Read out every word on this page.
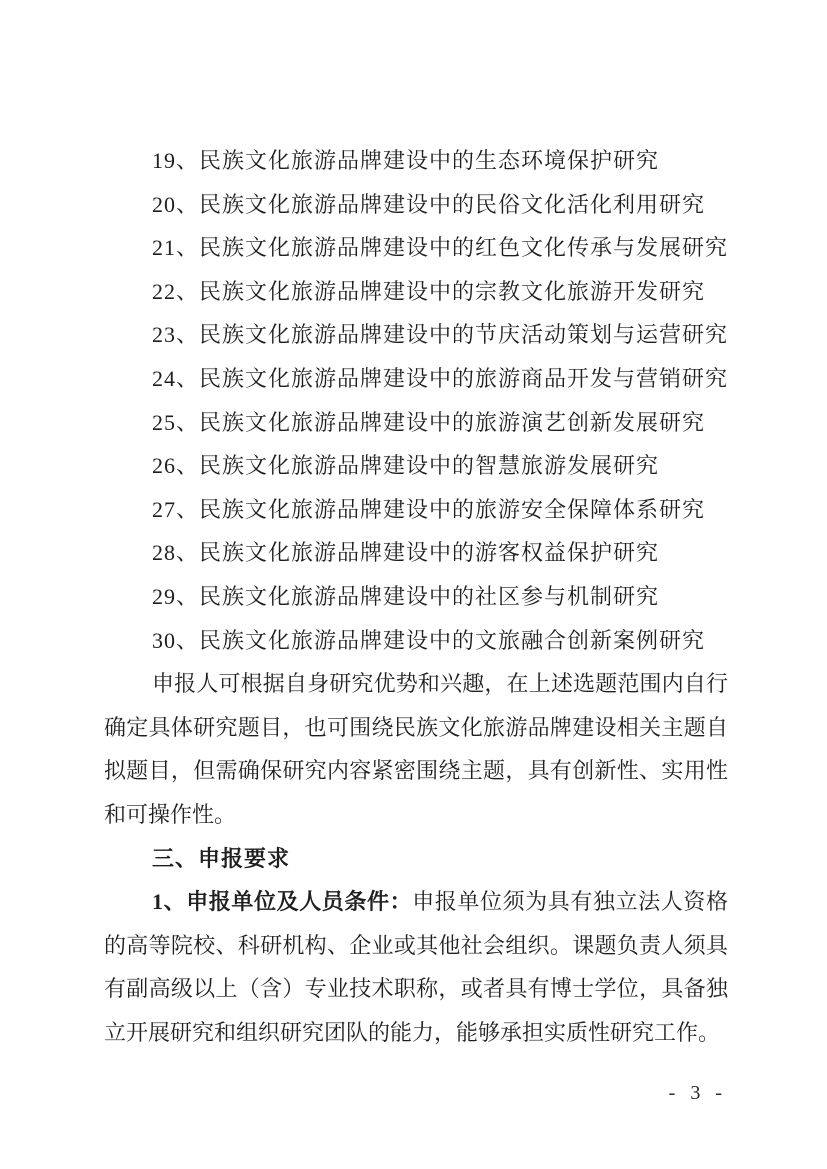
19、民族文化旅游品牌建设中的生态环境保护研究
20、民族文化旅游品牌建设中的民俗文化活化利用研究
21、民族文化旅游品牌建设中的红色文化传承与发展研究
22、民族文化旅游品牌建设中的宗教文化旅游开发研究
23、民族文化旅游品牌建设中的节庆活动策划与运营研究
24、民族文化旅游品牌建设中的旅游商品开发与营销研究
25、民族文化旅游品牌建设中的旅游演艺创新发展研究
26、民族文化旅游品牌建设中的智慧旅游发展研究
27、民族文化旅游品牌建设中的旅游安全保障体系研究
28、民族文化旅游品牌建设中的游客权益保护研究
29、民族文化旅游品牌建设中的社区参与机制研究
30、民族文化旅游品牌建设中的文旅融合创新案例研究
申报人可根据自身研究优势和兴趣，在上述选题范围内自行
确定具体研究题目，也可围绕民族文化旅游品牌建设相关主题自
拟题目，但需确保研究内容紧密围绕主题，具有创新性、实用性
和可操作性。
三、申报要求
1、申报单位及人员条件：申报单位须为具有独立法人资格
的高等院校、科研机构、企业或其他社会组织。课题负责人须具
有副高级以上（含）专业技术职称，或者具有博士学位，具备独
立开展研究和组织研究团队的能力，能够承担实质性研究工作。
- 3 -
